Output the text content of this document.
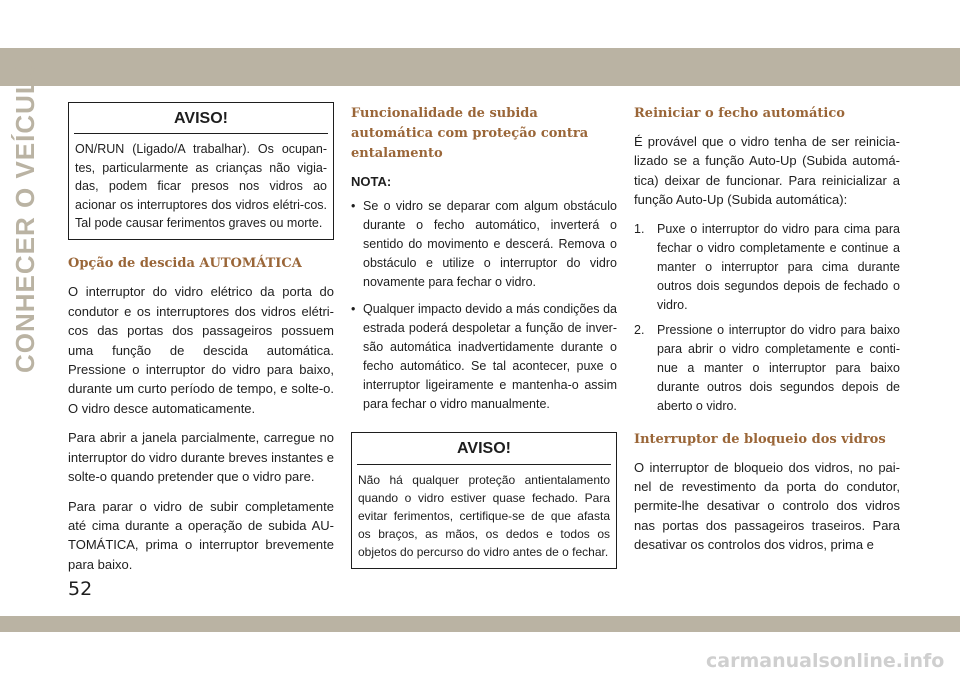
CONHECER O VEÍCULO	AVISO!
ON/RUN (Ligado/A trabalhar). Os ocupan-tes, particularmente as crianças não vigia-das, podem ficar presos nos vidros ao acionar os interruptores dos vidros elétri-cos. Tal pode causar ferimentos graves ou morte.
Opção de descida AUTOMÁTICA

O interruptor do vidro elétrico da porta do condutor e os interruptores dos vidros elétri-cos das portas dos passageiros possuem uma função de descida automática. Pressione o interruptor do vidro para baixo, durante um curto período de tempo, e solte-o. O vidro desce automaticamente.

Para abrir a janela parcialmente, carregue no interruptor do vidro durante breves instantes e solte-o quando pretender que o vidro pare.

Para parar o vidro de subir completamente até cima durante a operação de subida AU-TOMÁTICA, prima o interruptor brevemente para baixo.

Funcionalidade de subida automática com proteção contra entalamento
NOTA:
• Se o vidro se deparar com algum obstáculo durante o fecho automático, inverterá o sentido do movimento e descerá. Remova o obstáculo e utilize o interruptor do vidro novamente para fechar o vidro.
• Qualquer impacto devido a más condições da estrada poderá despoletar a função de inver-são automática inadvertidamente durante o fecho automático. Se tal acontecer, puxe o interruptor ligeiramente e mantenha-o assim para fechar o vidro manualmente.
AVISO!
Não há qualquer proteção antientalamento quando o vidro estiver quase fechado. Para evitar ferimentos, certifique-se de que afasta os braços, as mãos, os dedos e todos os objetos do percurso do vidro antes de o fechar.
Reiniciar o fecho automático

É provável que o vidro tenha de ser reinicia-lizado se a função Auto-Up (Subida automá-tica) deixar de funcionar. Para reinicializar a função Auto-Up (Subida automática):

1. Puxe o interruptor do vidro para cima para fechar o vidro completamente e continue a manter o interruptor para cima durante outros dois segundos depois de fechado o vidro.
2. Pressione o interruptor do vidro para baixo para abrir o vidro completamente e conti-nue a manter o interruptor para baixo durante outros dois segundos depois de aberto o vidro.
Interruptor de bloqueio dos vidros

O interruptor de bloqueio dos vidros, no pai-nel de revestimento da porta do condutor, permite-lhe desativar o controlo dos vidros nas portas dos passageiros traseiros. Para desativar os controlos dos vidros, prima e

52
carmanualsonline.info
